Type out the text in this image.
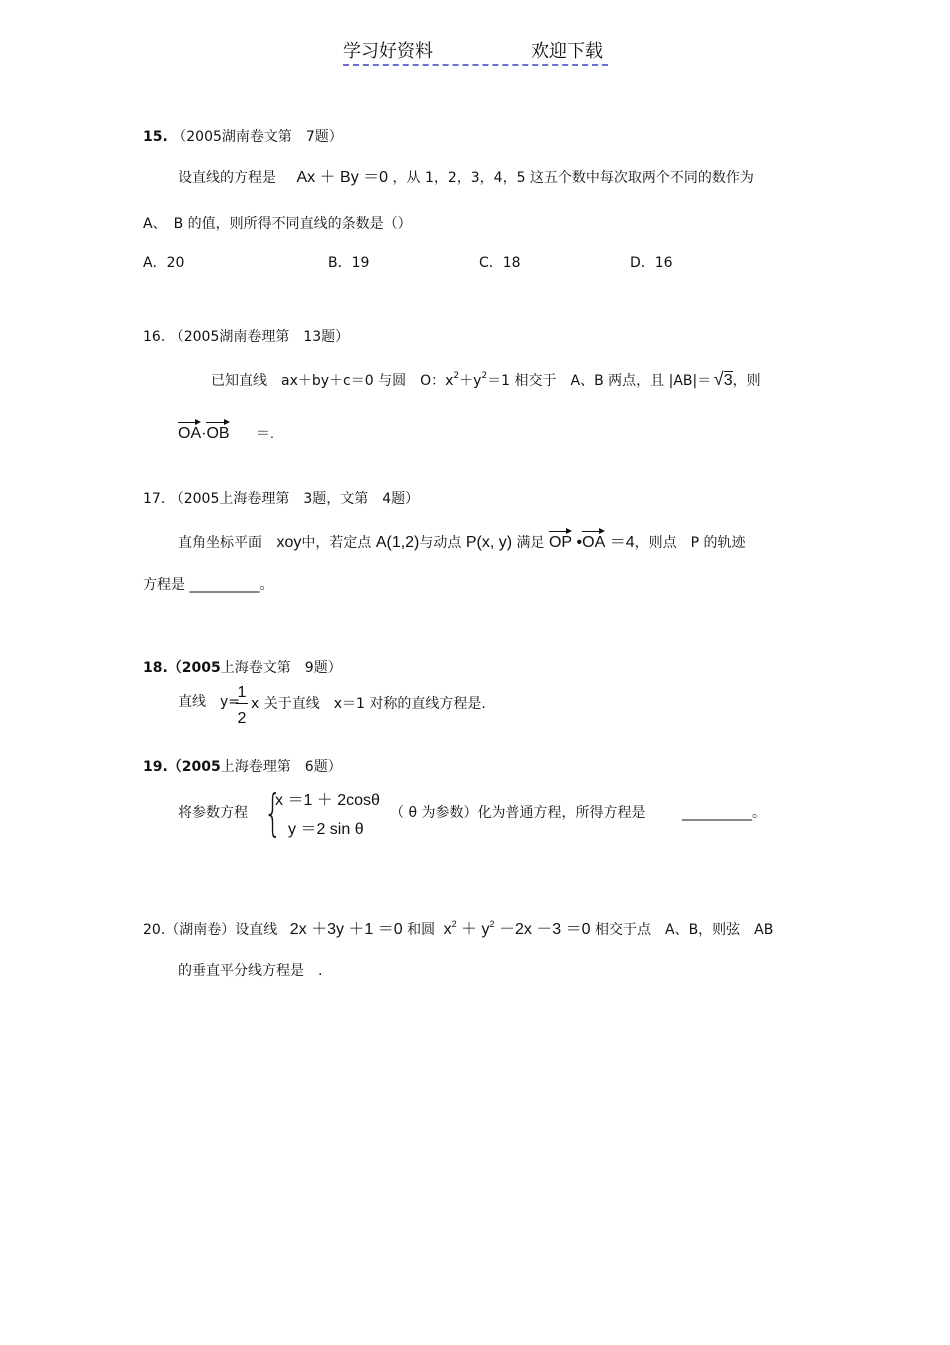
学习好资料	欢迎下载
15. （2005湖南卷文第　7题）
设直线的方程是 Ax ＋ By ＝0 ，从 1，2，3，4，5 这五个数中每次取两个不同的数作为
A、　B 的值，则所得不同直线的条数是（）
A．20	B．19	C．18	D．16
16. （2005湖南卷理第　13题）
已知直线　ax＋by＋c＝0 与圆　O：$x^2+y^2=1$ 相交于　A、B 两点，且 |AB|＝
√ 3，则
OA·OB ＝.
17. （2005上海卷理第　3题，文第　4题）
直角坐标平面 xoy中，若定点 A(1,2)与动点 P(x, y) 满足 OP •OA ＝4，则点　P 的轨迹
方程是 __________。
18.（2005上海卷文第　9题）
直线　y=
1
2
x 关于直线　x＝1 对称的直线方程是.
19.（2005上海卷理第　6题）
将参数方程 {
x ＝1 ＋ 2cosθ
y ＝2 sin θ
（ θ 为参数）化为普通方程，所得方程是	__________。
20.（湖南卷）设直线 2x ＋3y ＋1 ＝0 和圆 $x^2 + y^2 -2x -3 =0$ 相交于点　A、B，则弦　AB
的垂直平分线方程是　.
